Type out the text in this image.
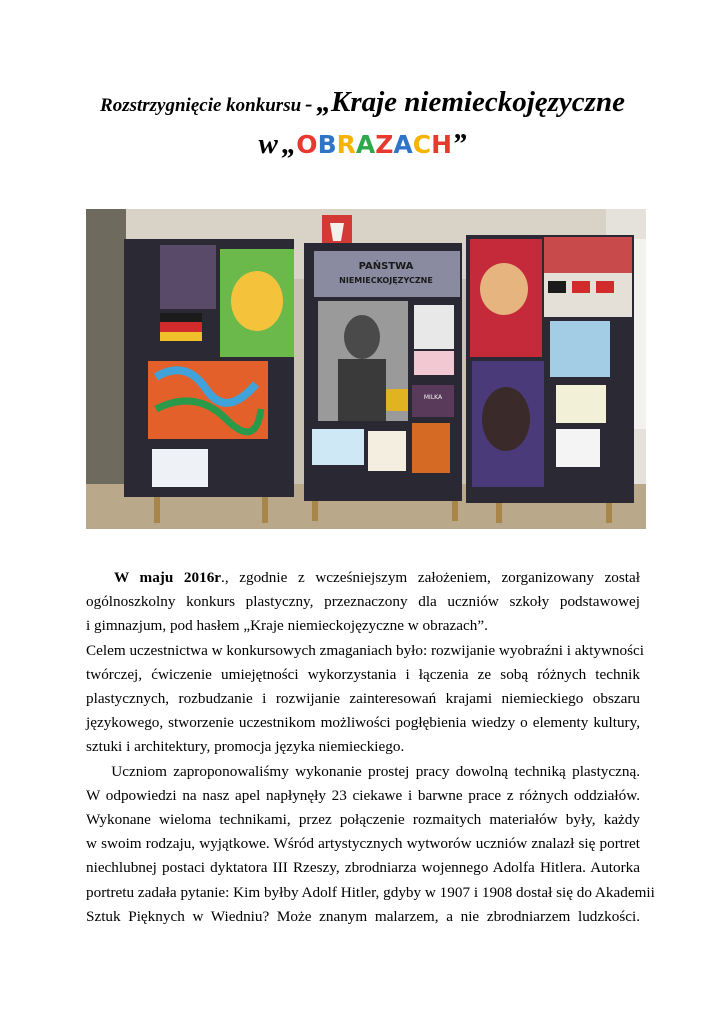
Rozstrzygnięcie konkursu - „Kraje niemieckojęzyczne
w „OBRAZACH”
PAŃSTWA
NIEMIECKOJĘZYCZNE
MILKA
W maju 2016r., zgodnie z wcześniejszym założeniem, zorganizowany został
ogólnoszkolny konkurs plastyczny, przeznaczony dla uczniów szkoły podstawowej
i gimnazjum, pod hasłem „Kraje niemieckojęzyczne w obrazach”.
Celem uczestnictwa w konkursowych zmaganiach było: rozwijanie wyobraźni i aktywności
twórczej, ćwiczenie umiejętności wykorzystania i łączenia ze sobą różnych technik
plastycznych, rozbudzanie i rozwijanie zainteresowań krajami niemieckiego obszaru
językowego, stworzenie uczestnikom możliwości pogłębienia wiedzy o elementy kultury,
sztuki i architektury, promocja języka niemieckiego.
Uczniom zaproponowaliśmy wykonanie prostej pracy dowolną techniką plastyczną.
W odpowiedzi na nasz apel napłynęły 23 ciekawe i barwne prace z różnych oddziałów.
Wykonane wieloma technikami, przez połączenie rozmaitych materiałów były, każdy
w swoim rodzaju, wyjątkowe. Wśród artystycznych wytworów uczniów znalazł się portret
niechlubnej postaci dyktatora III Rzeszy, zbrodniarza wojennego Adolfa Hitlera. Autorka
portretu zadała pytanie: Kim byłby Adolf Hitler, gdyby w 1907 i 1908 dostał się do Akademii
Sztuk Pięknych w Wiedniu? Może znanym malarzem, a nie zbrodniarzem ludzkości.
